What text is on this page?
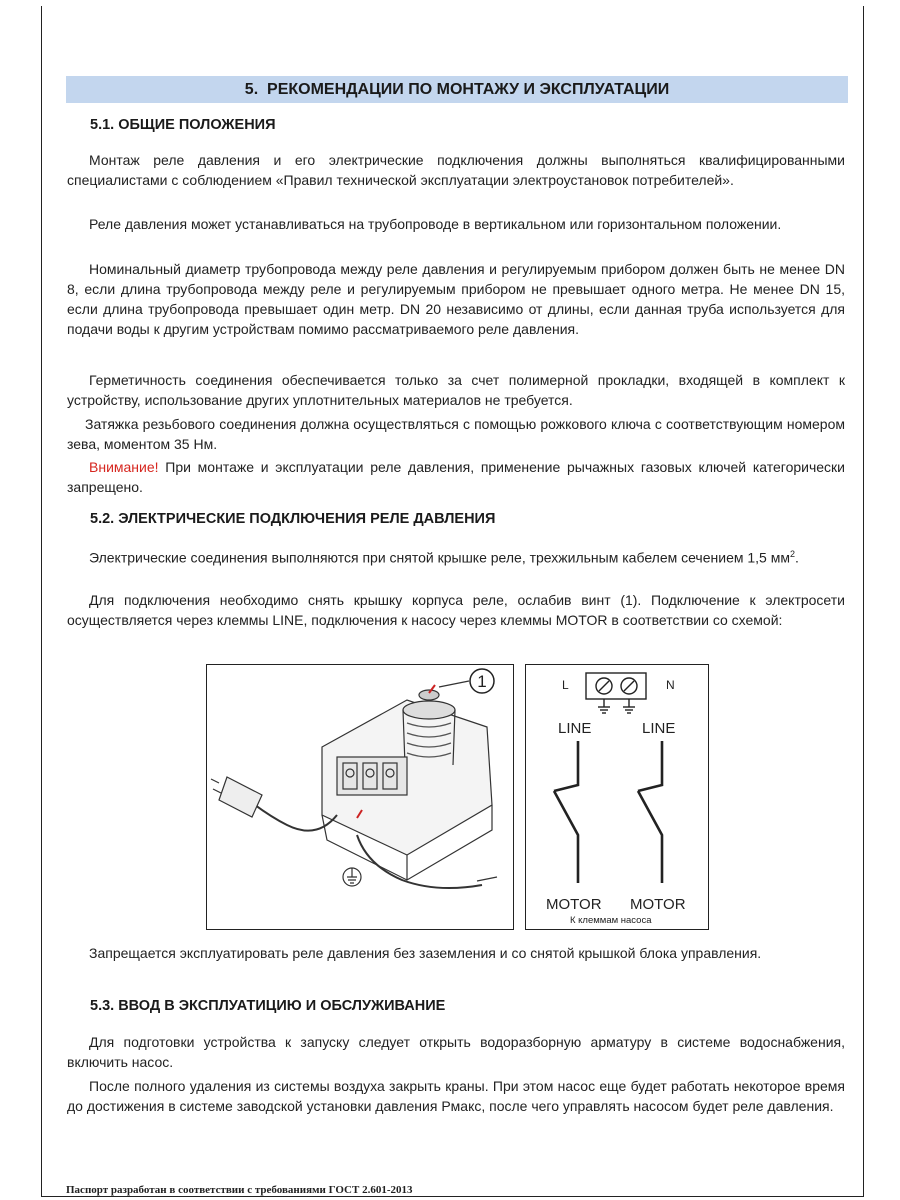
5. РЕКОМЕНДАЦИИ ПО МОНТАЖУ И ЭКСПЛУАТАЦИИ
5.1. ОБЩИЕ ПОЛОЖЕНИЯ
Монтаж реле давления и его электрические подключения должны выполняться квалифицированными специалистами с соблюдением «Правил технической эксплуатации электроустановок потребителей».
Реле давления может устанавливаться на трубопроводе в вертикальном или горизонтальном положении.
Номинальный диаметр трубопровода между реле давления и регулируемым прибором должен быть не менее DN 8, если длина трубопровода между реле и регулируемым прибором не превышает одного метра. Не менее DN 15, если длина трубопровода превышает один метр. DN 20 независимо от длины, если данная труба используется для подачи воды к другим устройствам помимо рассматриваемого реле давления.
Герметичность соединения обеспечивается только за счет полимерной прокладки, входящей в комплект к устройству, использование других уплотнительных материалов не требуется.
Затяжка резьбового соединения должна осуществляться с помощью рожкового ключа с соответствующим номером зева, моментом 35 Нм.
Внимание! При монтаже и эксплуатации реле давления, применение рычажных газовых ключей категорически запрещено.
5.2. ЭЛЕКТРИЧЕСКИЕ ПОДКЛЮЧЕНИЯ РЕЛЕ ДАВЛЕНИЯ
Электрические соединения выполняются при снятой крышке реле, трехжильным кабелем сечением 1,5 $мм^2$.
Для подключения необходимо снять крышку корпуса реле, ослабив винт (1). Подключение к электросети осуществляется через клеммы LINE, подключения к насосу через клеммы MOTOR в соответствии со схемой:
1	L	N
LINE	LINE
MOTOR MOTOR
К клеммам насоса
Запрещается эксплуатировать реле давления без заземления и со снятой крышкой блока управления.
5.3. ВВОД В ЭКСПЛУАТИЦИЮ И ОБСЛУЖИВАНИЕ
Для подготовки устройства к запуску следует открыть водоразборную арматуру в системе водоснабжения, включить насос.
После полного удаления из системы воздуха закрыть краны. При этом насос еще будет работать некоторое время до достижения в системе заводской установки давления Рмакс, после чего управлять насосом будет реле давления.
Паспорт разработан в соответствии с требованиями ГОСТ 2.601-2013
